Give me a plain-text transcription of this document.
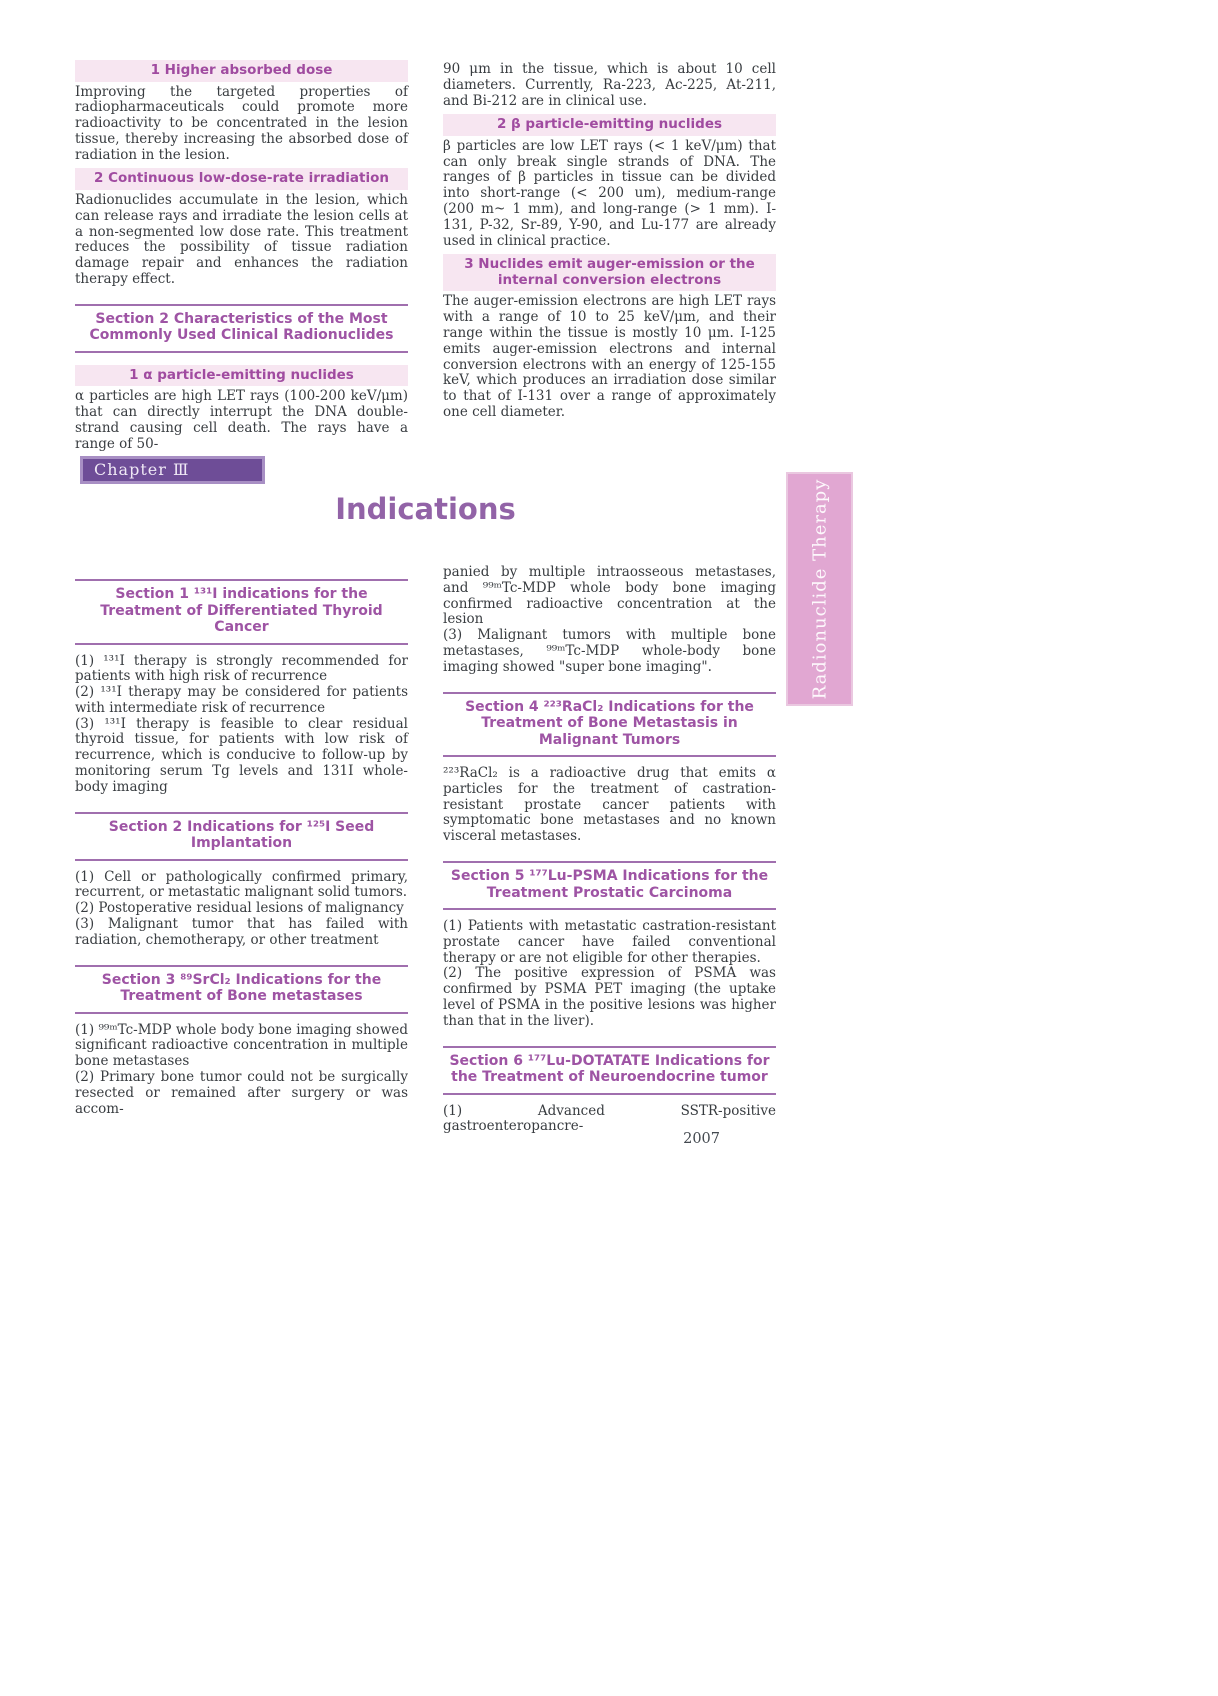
1 Higher absorbed dose

Improving the targeted properties of radiopharmaceuticals could promote more radioactivity to be concentrated in the lesion tissue, thereby increasing the absorbed dose of radiation in the lesion.

2 Continuous low-dose-rate irradiation

Radionuclides accumulate in the lesion, which can release rays and irradiate the lesion cells at a non-segmented low dose rate. This treatment reduces the possibility of tissue radiation damage repair and enhances the radiation therapy effect.

Section 2 Characteristics of the Most Commonly Used Clinical Radionuclides
1 α particle-emitting nuclides

α particles are high LET rays (100-200 keV/μm) that can directly interrupt the DNA double-strand causing cell death. The rays have a range of 50-

90 μm in the tissue, which is about 10 cell diameters. Currently, Ra-223, Ac-225, At-211, and Bi-212 are in clinical use.

2 β particle-emitting nuclides

β particles are low LET rays (< 1 keV/μm) that can only break single strands of DNA. The ranges of β particles in tissue can be divided into short-range (< 200 um), medium-range (200 m~ 1 mm), and long-range (> 1 mm). I-131, P-32, Sr-89, Y-90, and Lu-177 are already used in clinical practice.

3 Nuclides emit auger-emission or the internal conversion electrons

The auger-emission electrons are high LET rays with a range of 10 to 25 keV/μm, and their range within the tissue is mostly 10 μm. I-125 emits auger-emission electrons and internal conversion electrons with an energy of 125-155 keV, which produces an irradiation dose similar to that of I-131 over a range of approximately one cell diameter.

Chapter Ⅲ
Indications	Radionuclide Therapy
Section 1 ¹³¹I indications for the Treatment of Differentiated Thyroid Cancer

(1) ¹³¹I therapy is strongly recommended for patients with high risk of recurrence

(2) ¹³¹I therapy may be considered for patients with intermediate risk of recurrence

(3) ¹³¹I therapy is feasible to clear residual thyroid tissue, for patients with low risk of recurrence, which is conducive to follow-up by monitoring serum Tg levels and 131I whole-body imaging

Section 2 Indications for ¹²⁵I Seed Implantation

(1) Cell or pathologically confirmed primary, recurrent, or metastatic malignant solid tumors.

(2) Postoperative residual lesions of malignancy

(3) Malignant tumor that has failed with radiation, chemotherapy, or other treatment

Section 3 ⁸⁹SrCl₂ Indications for the Treatment of Bone metastases

(1) ⁹⁹ᵐTc-MDP whole body bone imaging showed significant radioactive concentration in multiple bone metastases

(2) Primary bone tumor could not be surgically resected or remained after surgery or was accom-

panied by multiple intraosseous metastases, and ⁹⁹ᵐTc-MDP whole body bone imaging confirmed radioactive concentration at the lesion

(3) Malignant tumors with multiple bone metastases, ⁹⁹ᵐTc-MDP whole-body bone imaging showed "super bone imaging".

Section 4 ²²³RaCl₂ Indications for the Treatment of Bone Metastasis in Malignant Tumors

²²³RaCl₂ is a radioactive drug that emits α particles for the treatment of castration-resistant prostate cancer patients with symptomatic bone metastases and no known visceral metastases.

Section 5 ¹⁷⁷Lu-PSMA Indications for the Treatment Prostatic Carcinoma

(1) Patients with metastatic castration-resistant prostate cancer have failed conventional therapy or are not eligible for other therapies.

(2) The positive expression of PSMA was confirmed by PSMA PET imaging (the uptake level of PSMA in the positive lesions was higher than that in the liver).

Section 6 ¹⁷⁷Lu-DOTATATE Indications for the Treatment of Neuroendocrine tumor

(1) Advanced SSTR-positive gastroenteropancre-

2007
